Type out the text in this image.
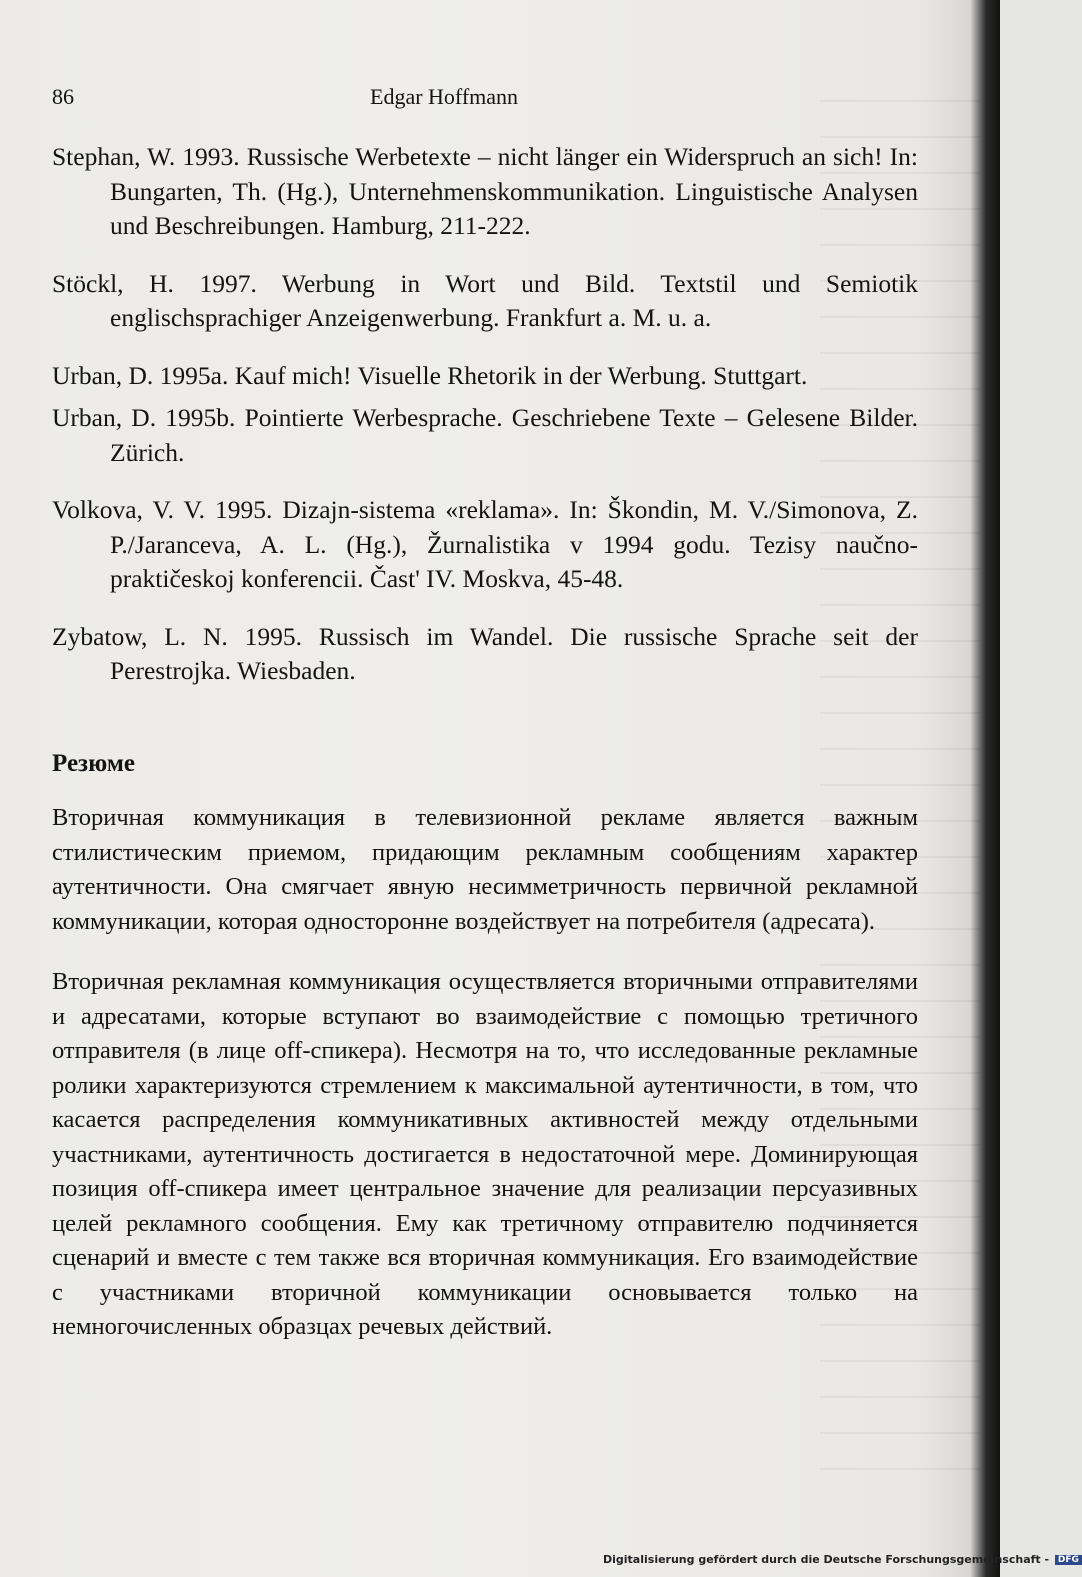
86	Edgar Hoffmann

Stephan, W. 1993. Russische Werbetexte – nicht länger ein Widerspruch an sich! In: Bungarten, Th. (Hg.), Unternehmenskommunikation. Linguistische Analysen und Beschreibungen. Hamburg, 211-222.

Stöckl, H. 1997. Werbung in Wort und Bild. Textstil und Semiotik englischsprachiger Anzeigenwerbung. Frankfurt a. M. u. a.

Urban, D. 1995a. Kauf mich! Visuelle Rhetorik in der Werbung. Stuttgart.

Urban, D. 1995b. Pointierte Werbesprache. Geschriebene Texte – Gelesene Bilder. Zürich.

Volkova, V. V. 1995. Dizajn-sistema «reklama». In: Škondin, M. V./Simonova, Z. P./Jaranceva, A. L. (Hg.), Žurnalistika v 1994 godu. Tezisy naučno-praktičeskoj konferencii. Čast' IV. Moskva, 45-48.

Zybatow, L. N. 1995. Russisch im Wandel. Die russische Sprache seit der Perestrojka. Wiesbaden.

Резюме

Вторичная коммуникация в телевизионной рекламе является важным стилистическим приемом, придающим рекламным сообщениям характер аутентичности. Она смягчает явную несимметричность первичной рекламной коммуникации, которая односторонне воздействует на потребителя (адресата).

Вторичная рекламная коммуникация осуществляется вторичными отправителями и адресатами, которые вступают во взаимодействие с помощью третичного отправителя (в лице off-спикера). Несмотря на то, что исследованные рекламные ролики характеризуются стремлением к максимальной аутентичности, в том, что касается распределения коммуникативных активностей между отдельными участниками, аутентичность достигается в недостаточной мере. Доминирующая позиция off-спикера имеет центральное значение для реализации персуазивных целей рекламного сообщения. Ему как третичному отправителю подчиняется сценарий и вместе с тем также вся вторичная коммуникация. Его взаимодействие с участниками вторичной коммуникации основывается только на немногочисленных образцах речевых действий.

Digitalisierung gefördert durch die Deutsche Forschungsgemeinschaft - DFG
